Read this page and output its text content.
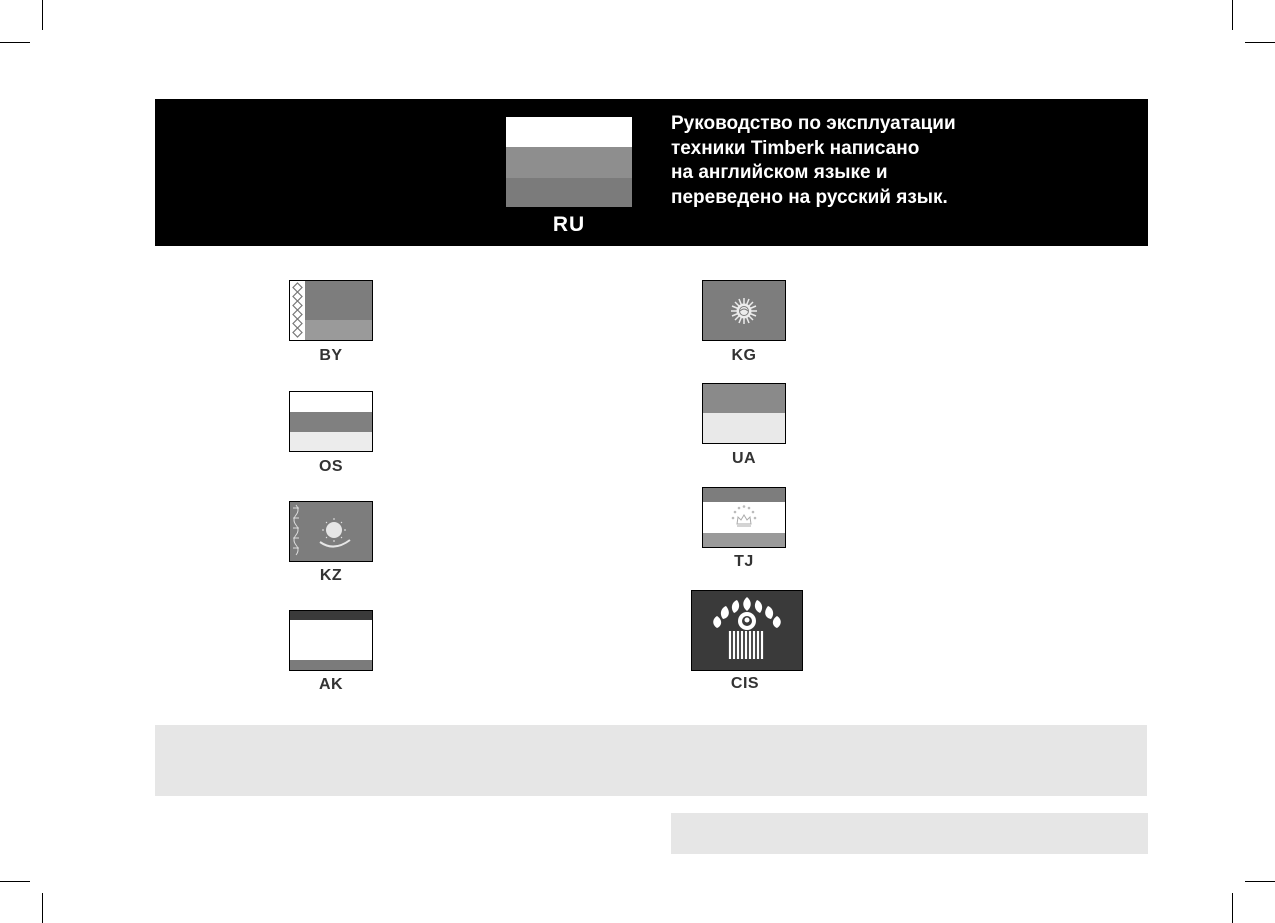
RU
Руководство по эксплуатации
техники Timberk написано
на английском языке и
переведено на русский язык.
BY
OS
KZ
AK
KG
UA
TJ
CIS
